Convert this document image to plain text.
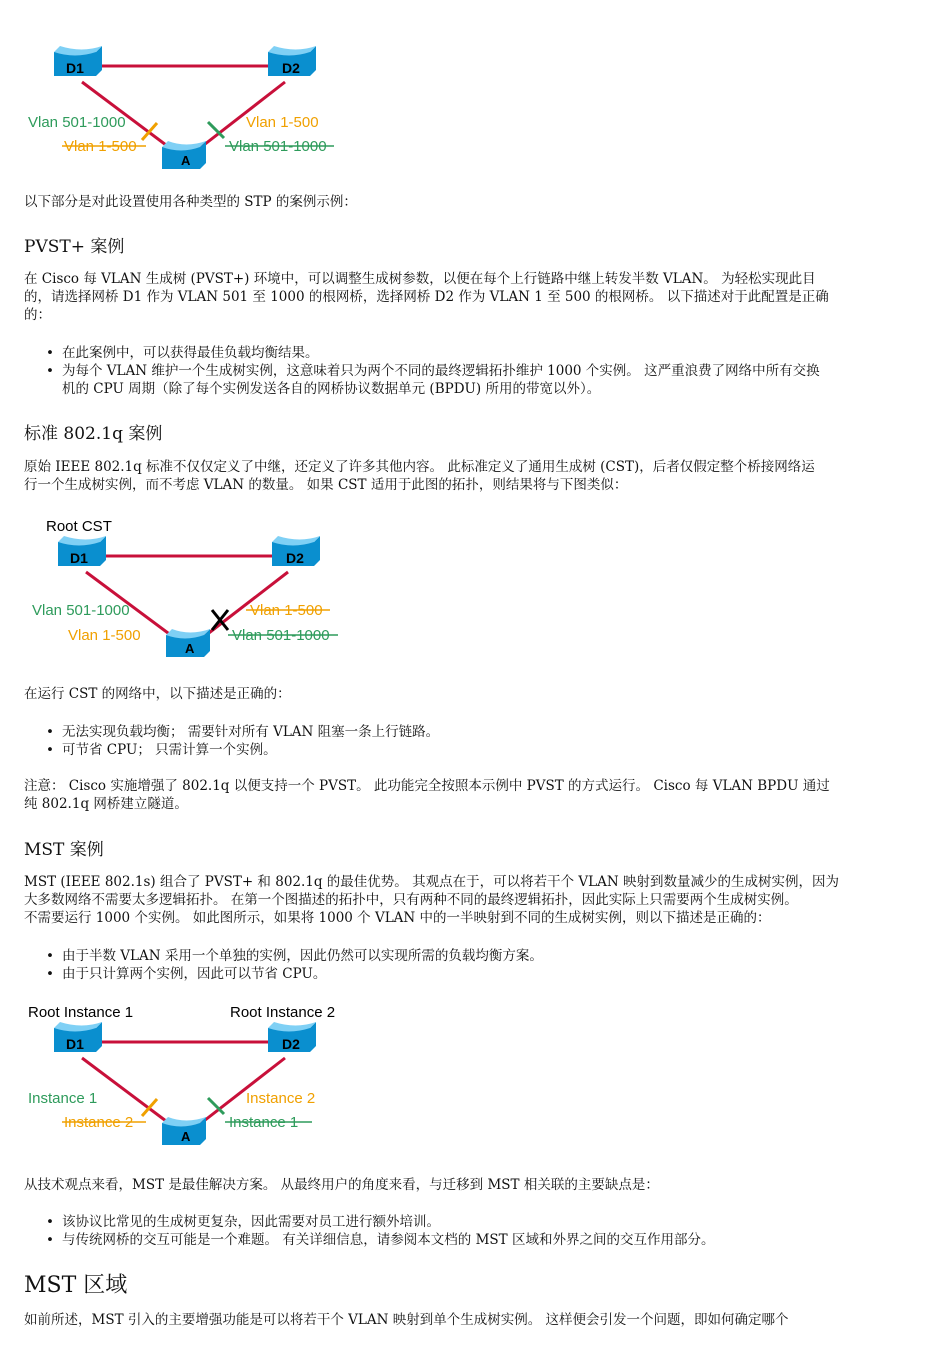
D1	D2
A
Vlan 501-1000
Vlan 1-500
Vlan 1-500
Vlan 501-1000

以下部分是对此设置使用各种类型的 STP 的案例示例：

PVST+ 案例

在 Cisco 每 VLAN 生成树 (PVST+) 环境中，可以调整生成树参数，以便在每个上行链路中继上转发半数 VLAN。 为轻松实现此目
的，请选择网桥 D1 作为 VLAN 501 至 1000 的根网桥，选择网桥 D2 作为 VLAN 1 至 500 的根网桥。 以下描述对于此配置是正确
的：

• 在此案例中，可以获得最佳负载均衡结果。
• 为每个 VLAN 维护一个生成树实例，这意味着只为两个不同的最终逻辑拓扑维护 1000 个实例。 这严重浪费了网络中所有交换
机的 CPU 周期（除了每个实例发送各自的网桥协议数据单元 (BPDU) 所用的带宽以外）。
标准 802.1q 案例

原始 IEEE 802.1q 标准不仅仅定义了中继，还定义了许多其他内容。 此标准定义了通用生成树 (CST)，后者仅假定整个桥接网络运
行一个生成树实例，而不考虑 VLAN 的数量。 如果 CST 适用于此图的拓扑，则结果将与下图类似：

Root CST
D1	D2
A
Vlan 501-1000
Vlan 1-500
Vlan 1-500
Vlan 501-1000

在运行 CST 的网络中，以下描述是正确的：

• 无法实现负载均衡； 需要针对所有 VLAN 阻塞一条上行链路。
• 可节省 CPU； 只需计算一个实例。

注意： Cisco 实施增强了 802.1q 以便支持一个 PVST。 此功能完全按照本示例中 PVST 的方式运行。 Cisco 每 VLAN BPDU 通过
纯 802.1q 网桥建立隧道。

MST 案例

MST (IEEE 802.1s) 组合了 PVST+ 和 802.1q 的最佳优势。 其观点在于，可以将若干个 VLAN 映射到数量减少的生成树实例，因为
大多数网络不需要太多逻辑拓扑。 在第一个图描述的拓扑中，只有两种不同的最终逻辑拓扑，因此实际上只需要两个生成树实例。
不需要运行 1000 个实例。 如此图所示，如果将 1000 个 VLAN 中的一半映射到不同的生成树实例，则以下描述是正确的：

• 由于半数 VLAN 采用一个单独的实例，因此仍然可以实现所需的负载均衡方案。
• 由于只计算两个实例，因此可以节省 CPU。
Root Instance 1	Root Instance 2
D1	D2
A
Instance 1
Instance 2
Instance 2
Instance 1

从技术观点来看，MST 是最佳解决方案。 从最终用户的角度来看，与迁移到 MST 相关联的主要缺点是：

• 该协议比常见的生成树更复杂，因此需要对员工进行额外培训。
• 与传统网桥的交互可能是一个难题。 有关详细信息，请参阅本文档的 MST 区域和外界之间的交互作用部分。
MST 区域

如前所述，MST 引入的主要增强功能是可以将若干个 VLAN 映射到单个生成树实例。 这样便会引发一个问题，即如何确定哪个
